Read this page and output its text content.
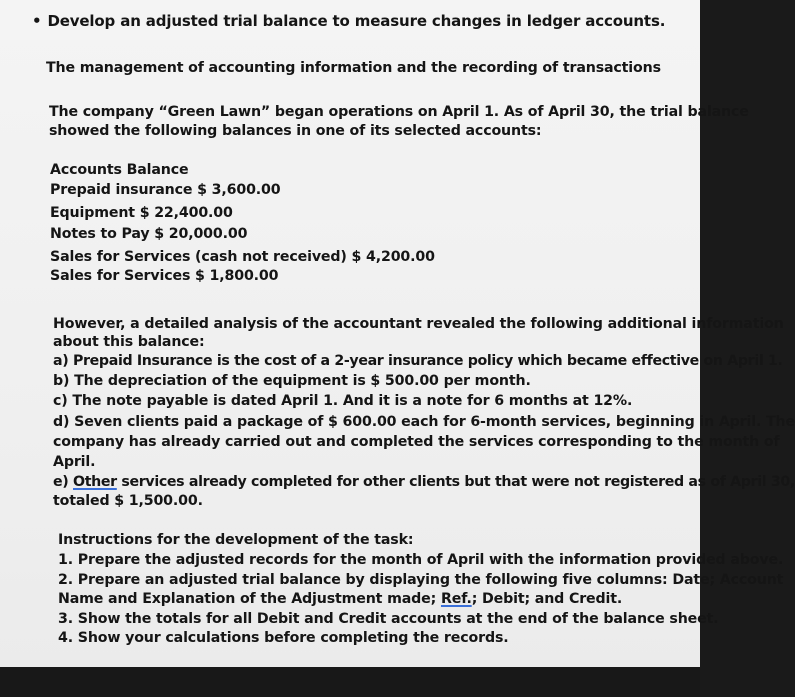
• Develop an adjusted trial balance to measure changes in ledger accounts.
The management of accounting information and the recording of transactions
The company “Green Lawn” began operations on April 1. As of April 30, the trial balance
showed the following balances in one of its selected accounts:
Accounts Balance
Prepaid insurance $ 3,600.00
Equipment $ 22,400.00
Notes to Pay $ 20,000.00
Sales for Services (cash not received) $ 4,200.00
Sales for Services $ 1,800.00
However, a detailed analysis of the accountant revealed the following additional information
about this balance:
a) Prepaid Insurance is the cost of a 2-year insurance policy which became effective on April 1.
b) The depreciation of the equipment is $ 500.00 per month.
c) The note payable is dated April 1. And it is a note for 6 months at 12%.
d) Seven clients paid a package of $ 600.00 each for 6-month services, beginning in April. The
company has already carried out and completed the services corresponding to the month of
April.
e) Other services already completed for other clients but that were not registered as of April 30,
totaled $ 1,500.00.
Instructions for the development of the task:
1. Prepare the adjusted records for the month of April with the information provided above.
2. Prepare an adjusted trial balance by displaying the following five columns: Date; Account
Name and Explanation of the Adjustment made; Ref.; Debit; and Credit.
3. Show the totals for all Debit and Credit accounts at the end of the balance sheet.
4. Show your calculations before completing the records.
